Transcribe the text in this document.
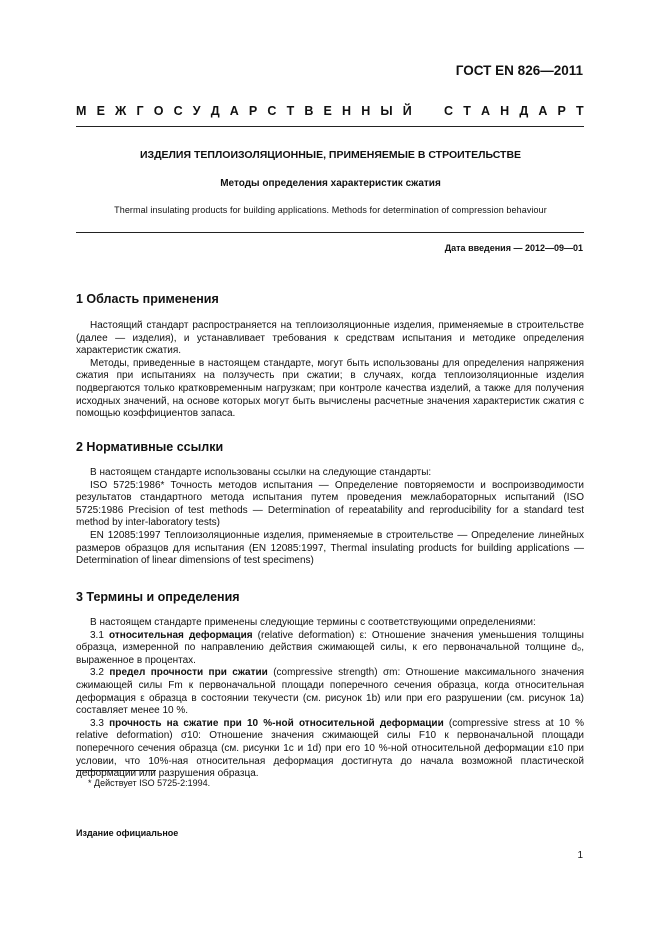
ГОСТ EN 826—2011
М Е Ж Г О С У Д А Р С Т В Е Н Н Ы Й	С Т А Н Д А Р Т
ИЗДЕЛИЯ ТЕПЛОИЗОЛЯЦИОННЫЕ, ПРИМЕНЯЕМЫЕ В СТРОИТЕЛЬСТВЕ
Методы определения характеристик сжатия
Thermal insulating products for building applications. Methods for determination of compression behaviour
Дата введения — 2012—09—01
1 Область применения

Настоящий стандарт распространяется на теплоизоляционные изделия, применяемые в строительстве (далее — изделия), и устанавливает требования к средствам испытания и методике определения характеристик сжатия.

Методы, приведенные в настоящем стандарте, могут быть использованы для определения напряжения сжатия при испытаниях на ползучесть при сжатии; в случаях, когда теплоизоляционные изделия подвергаются только кратковременным нагрузкам; при контроле качества изделий, а также для получения исходных значений, на основе которых могут быть вычислены расчетные значения характеристик сжатия с помощью коэффициентов запаса.

2 Нормативные ссылки

В настоящем стандарте использованы ссылки на следующие стандарты:

ISO 5725:1986* Точность методов испытания — Определение повторяемости и воспроизводимости результатов стандартного метода испытания путем проведения межлабораторных испытаний (ISO 5725:1986 Precision of test methods — Determination of repeatability and reproducibility for a standard test method by inter-laboratory tests)

EN 12085:1997 Теплоизоляционные изделия, применяемые в строительстве — Определение линейных размеров образцов для испытания (EN 12085:1997, Thermal insulating products for building applications — Determination of linear dimensions of test specimens)

3 Термины и определения

В настоящем стандарте применены следующие термины с соответствующими определениями:

3.1 относительная деформация (relative deformation) ε: Отношение значения уменьшения толщины образца, измеренной по направлению действия сжимающей силы, к его первоначальной толщине d₀, выраженное в процентах.

3.2 предел прочности при сжатии (compressive strength) σm: Отношение максимального значения сжимающей силы Fm к первоначальной площади поперечного сечения образца, когда относительная деформация ε образца в состоянии текучести (см. рисунок 1b) или при его разрушении (см. рисунок 1а) составляет менее 10 %.

3.3 прочность на сжатие при 10 %-ной относительной деформации (compressive stress at 10 % relative deformation) σ10: Отношение значения сжимающей силы F10 к первоначальной площади поперечного сечения образца (см. рисунки 1с и 1d) при его 10 %-ной относительной деформации ε10 при условии, что 10%-ная относительная деформация достигнута до начала возможной пластической деформации или разрушения образца.

* Действует ISO 5725-2:1994.
Издание официальное
1
